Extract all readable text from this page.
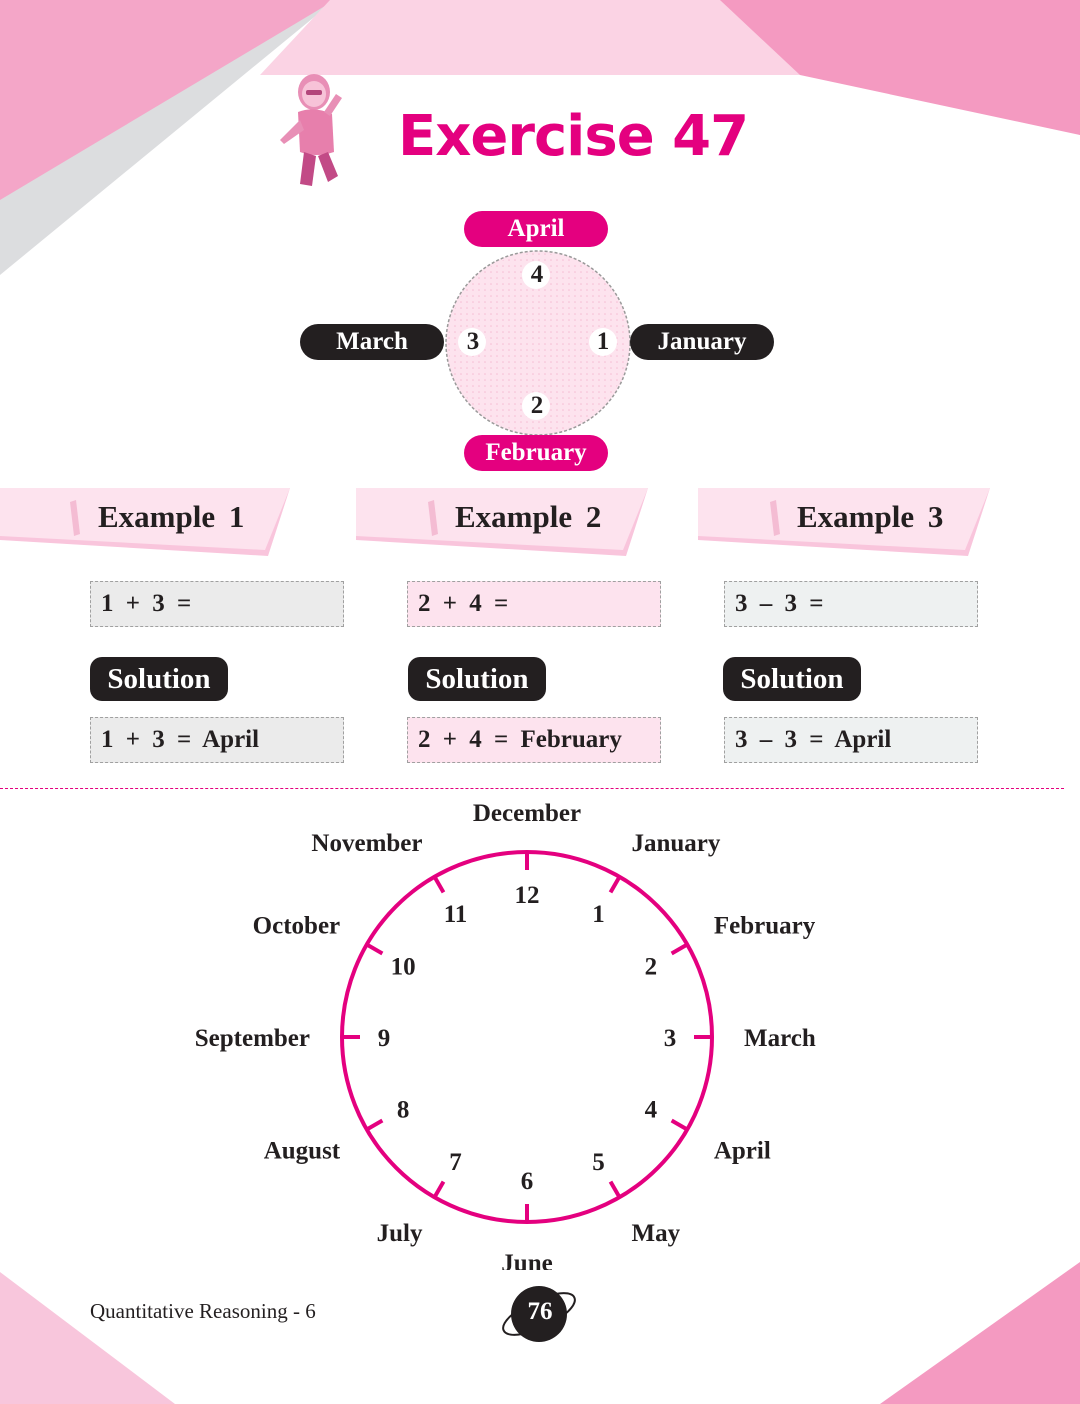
Exercise 47
4
3	1
2
April
March	January
February
Example 1	Example 2	Example 3
1 + 3 =	2 + 4 =	3 – 3 =
Solution	Solution	Solution
1 + 3 = April	2 + 4 = February	3 – 3 = April
1
January
2
February
3	March
4
April
5
May
6
June
7
July
8
August
9
September
10
October	11
November
12
December
Quantitative Reasoning - 6	76
